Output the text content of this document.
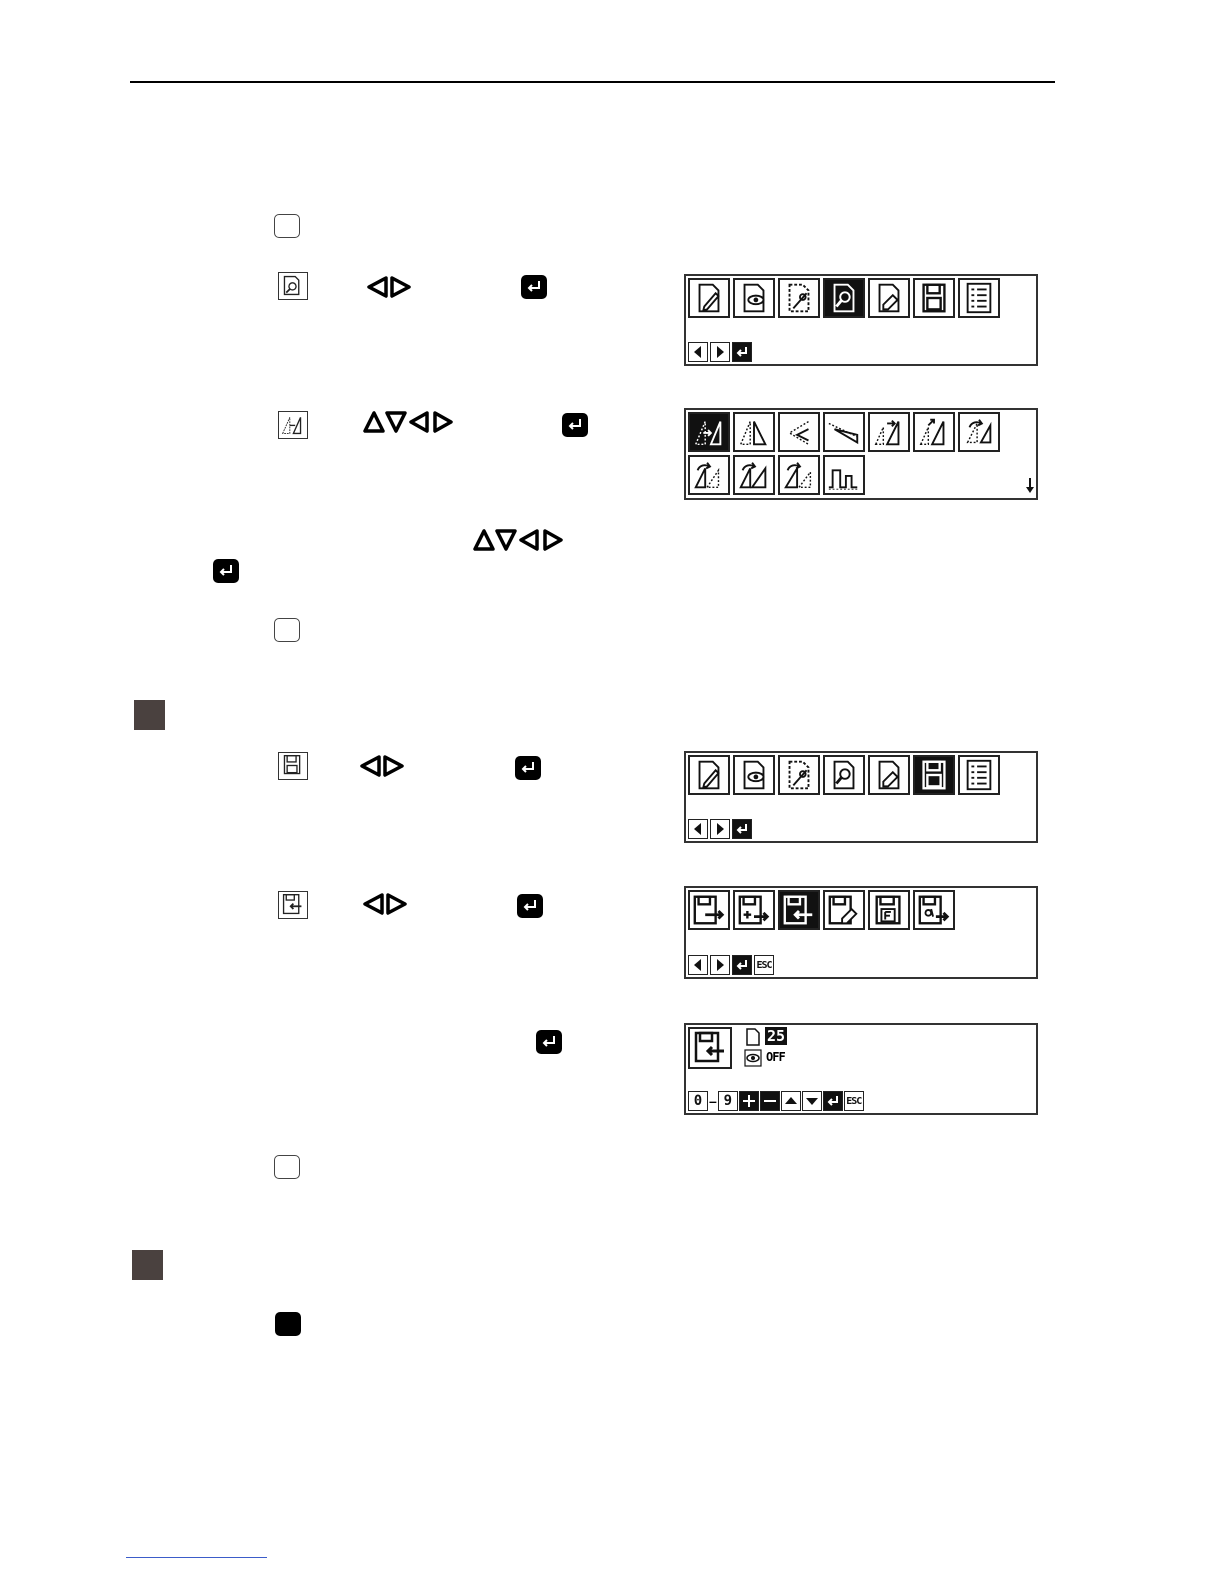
ESC
25
OFF
0 – 9	ESC
